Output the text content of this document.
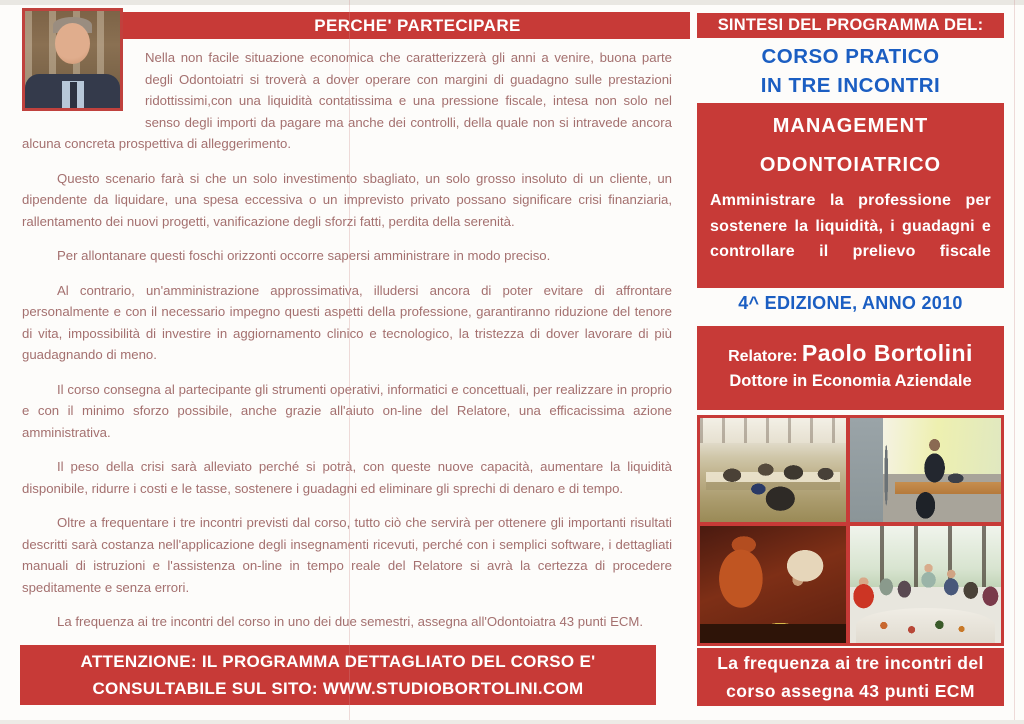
PERCHE' PARTECIPARE

Nella non facile situazione economica che caratterizzerà gli anni a venire, buona parte degli Odontoiatri si troverà a dover operare con margini di guadagno sulle prestazioni ridottissimi,con una liquidità contatissima e una pressione fiscale, intesa non solo nel senso degli importi da pagare ma anche dei controlli, della quale non si intravede ancora alcuna concreta prospettiva di alleggerimento.

Questo scenario farà si che un solo investimento sbagliato, un solo grosso insoluto di un cliente, un dipendente da liquidare, una spesa eccessiva o un imprevisto privato possano significare crisi finanziaria, rallentamento dei nuovi progetti, vanificazione degli sforzi fatti, perdita della serenità.

Per allontanare questi foschi orizzonti occorre sapersi amministrare in modo preciso.

Al contrario, un'amministrazione approssimativa, illudersi ancora di poter evitare di affrontare personalmente e con il necessario impegno questi aspetti della professione, garantiranno riduzione del tenore di vita, impossibilità di investire in aggiornamento clinico e tecnologico, la tristezza di dover lavorare di più guadagnando di meno.

Il corso consegna al partecipante gli strumenti operativi, informatici e concettuali, per realizzare in proprio e con il minimo sforzo possibile, anche grazie all'aiuto on-line del Relatore, una efficacissima azione amministrativa.

Il peso della crisi sarà alleviato perché si potrà, con queste nuove capacità, aumentare la liquidità disponibile, ridurre i costi e le tasse, sostenere i guadagni ed eliminare gli sprechi di denaro e di tempo.

Oltre a frequentare i tre incontri previsti dal corso, tutto ciò che servirà per ottenere gli importanti risultati descritti sarà costanza nell'applicazione degli insegnamenti ricevuti, perché con i semplici software, i dettagliati manuali di istruzioni e l'assistenza on-line in tempo reale del Relatore si avrà la certezza di procedere speditamente e senza errori.

La frequenza ai tre incontri del corso in uno dei due semestri, assegna all'Odontoiatra 43 punti ECM.

ATTENZIONE: IL PROGRAMMA DETTAGLIATO DEL CORSO E'
CONSULTABILE SUL SITO: WWW.STUDIOBORTOLINI.COM
SINTESI DEL PROGRAMMA DEL:
CORSO PRATICO
IN TRE INCONTRI
MANAGEMENT
ODONTOIATRICO
Amministrare la professione per sostenere la liquidità, i guadagni e controllare il prelievo fiscale
4^ EDIZIONE, ANNO 2010
Relatore: Paolo Bortolini
Dottore in Economia Aziendale
La frequenza ai tre incontri del
corso assegna 43 punti ECM
